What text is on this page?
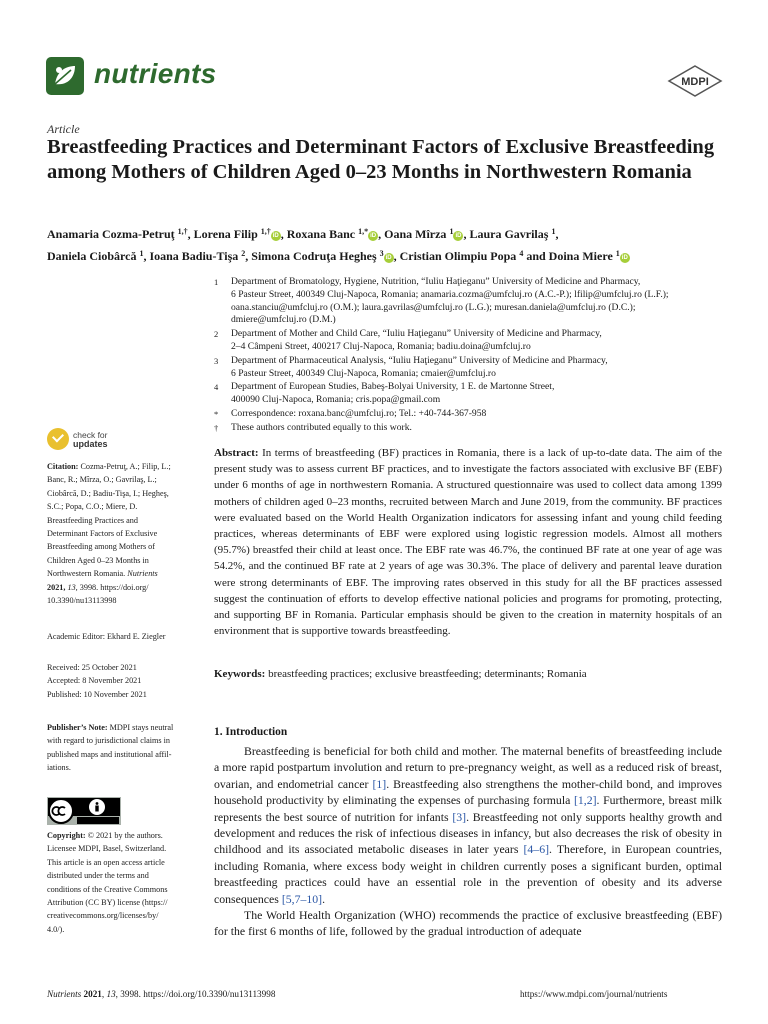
nutrients	MDPI
Article
Breastfeeding Practices and Determinant Factors of Exclusive Breastfeeding among Mothers of Children Aged 0–23 Months in Northwestern Romania
Anamaria Cozma-Petruţ $^{1,\dagger}$, Lorena Filip $^{1,\dagger}$ iD , Roxana Banc $^{1,*}$ iD , Oana Mîrza $^1$ iD , Laura Gavrilaş $^1$,
Daniela Ciobârcă $^1$, Ioana Badiu-Tişa $^2$, Simona Codruţa Hegheş $^3$ iD , Cristian Olimpiu Popa $^4$ and Doina Miere $^1$ iD
1 Department of Bromatology, Hygiene, Nutrition, “Iuliu Haţieganu” University of Medicine and Pharmacy,
6 Pasteur Street, 400349 Cluj-Napoca, Romania; anamaria.cozma@umfcluj.ro (A.C.-P.); lfilip@umfcluj.ro (L.F.);
oana.stanciu@umfcluj.ro (O.M.); laura.gavrilas@umfcluj.ro (L.G.); muresan.daniela@umfcluj.ro (D.C.);
dmiere@umfcluj.ro (D.M.)
2 Department of Mother and Child Care, “Iuliu Haţieganu” University of Medicine and Pharmacy,
2–4 Câmpeni Street, 400217 Cluj-Napoca, Romania; badiu.doina@umfcluj.ro
3 Department of Pharmaceutical Analysis, “Iuliu Haţieganu” University of Medicine and Pharmacy,
6 Pasteur Street, 400349 Cluj-Napoca, Romania; cmaier@umfcluj.ro
4 Department of European Studies, Babeş-Bolyai University, 1 E. de Martonne Street,
400090 Cluj-Napoca, Romania; cris.popa@gmail.com
* Correspondence: roxana.banc@umfcluj.ro; Tel.: +40-744-367-958
† These authors contributed equally to this work.
check for
updates
Citation: Cozma-Petruţ, A.; Filip, L.;
Banc, R.; Mîrza, O.; Gavrilaş, L.;
Ciobârcă, D.; Badiu-Tişa, I.; Hegheş,
S.C.; Popa, C.O.; Miere, D.
Breastfeeding Practices and
Determinant Factors of Exclusive
Breastfeeding among Mothers of
Children Aged 0–23 Months in
Northwestern Romania. Nutrients
2021, 13, 3998. https://doi.org/
10.3390/nu13113998
Academic Editor: Ekhard E. Ziegler
Received: 25 October 2021
Accepted: 8 November 2021
Published: 10 November 2021
Publisher’s Note: MDPI stays neutral
with regard to jurisdictional claims in
published maps and institutional affil-
iations.
Copyright: © 2021 by the authors.
Licensee MDPI, Basel, Switzerland.
This article is an open access article
distributed under the terms and
conditions of the Creative Commons
Attribution (CC BY) license (https://
creativecommons.org/licenses/by/
4.0/).
Abstract: In terms of breastfeeding (BF) practices in Romania, there is a lack of up-to-date data. The aim of the present study was to assess current BF practices, and to investigate the factors associated with exclusive BF (EBF) under 6 months of age in northwestern Romania. A structured questionnaire was used to collect data among 1399 mothers of children aged 0–23 months, recruited between March and June 2019, from the community. BF practices were evaluated based on the World Health Organization indicators for assessing infant and young child feeding practices, whereas determinants of EBF were explored using logistic regression models. Almost all mothers (95.7%) breastfed their child at least once. The EBF rate was 46.7%, the continued BF rate at one year of age was 54.2%, and the continued BF rate at 2 years of age was 30.3%. The place of delivery and parental leave duration were strong determinants of EBF. The improving rates observed in this study for all the BF practices assessed suggest the continuation of efforts to develop effective national policies and programs for promoting, protecting, and supporting BF in Romania. Particular emphasis should be given to the creation in maternity hospitals of an environment that is supportive towards breastfeeding.
Keywords: breastfeeding practices; exclusive breastfeeding; determinants; Romania
1. Introduction

Breastfeeding is beneficial for both child and mother. The maternal benefits of breastfeeding include a more rapid postpartum involution and return to pre-pregnancy weight, as well as a reduced risk of breast, ovarian, and endometrial cancer [1]. Breastfeeding also strengthens the mother-child bond, and improves household productivity by eliminating the expenses of purchasing formula [1,2]. Furthermore, breast milk represents the best source of nutrition for infants [3]. Breastfeeding not only supports healthy growth and development and reduces the risk of infectious diseases in infancy, but also decreases the risk of obesity in childhood and its associated metabolic diseases in later years [4–6]. Therefore, in European countries, including Romania, where excess body weight in children currently poses a significant burden, optimal breastfeeding practices could have an essential role in the prevention of obesity and its adverse consequences [5,7–10].

The World Health Organization (WHO) recommends the practice of exclusive breastfeeding (EBF) for the first 6 months of life, followed by the gradual introduction of adequate

Nutrients 2021, 13, 3998. https://doi.org/10.3390/nu13113998	https://www.mdpi.com/journal/nutrients
